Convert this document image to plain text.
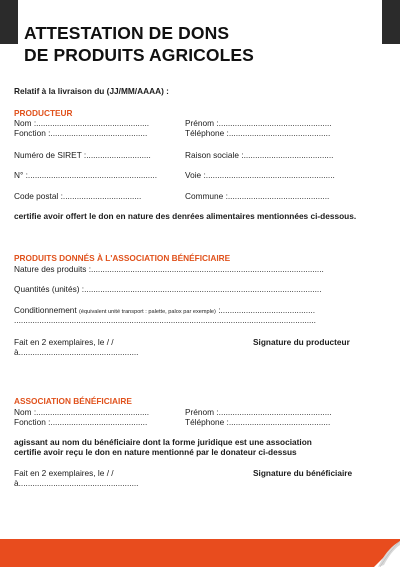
ATTESTATION DE DONS
DE PRODUITS AGRICOLES
Relatif à la livraison du (JJ/MM/AAAA) :
PRODUCTEUR
Nom :.................................................	Prénom :.................................................
Fonction :..........................................	Téléphone :............................................
Numéro de SIRET :............................	Raison sociale :.......................................
N° :........................................................	Voie :........................................................
Code postal :..................................	Commune :............................................
certifie avoir offert le don en nature des denrées alimentaires mentionnées ci-dessous.
PRODUITS DONNÉS À L'ASSOCIATION BÉNÉFICIAIRE
Nature des produits :.....................................................................................................
Quantités (unités) :.......................................................................................................
Conditionnement (équivalent unité transport : palette, palox par exemple) :.........................................
...................................................................................................................................
Fait en 2 exemplaires, le / /	Signature du producteur
à....................................................
ASSOCIATION BÉNÉFICIAIRE
Nom :.................................................	Prénom :.................................................
Fonction :..........................................	Téléphone :............................................
agissant au nom du bénéficiaire dont la forme juridique est une association
certifie avoir reçu le don en nature mentionné par le donateur ci-dessus
Fait en 2 exemplaires, le / /	Signature du bénéficiaire
à....................................................
